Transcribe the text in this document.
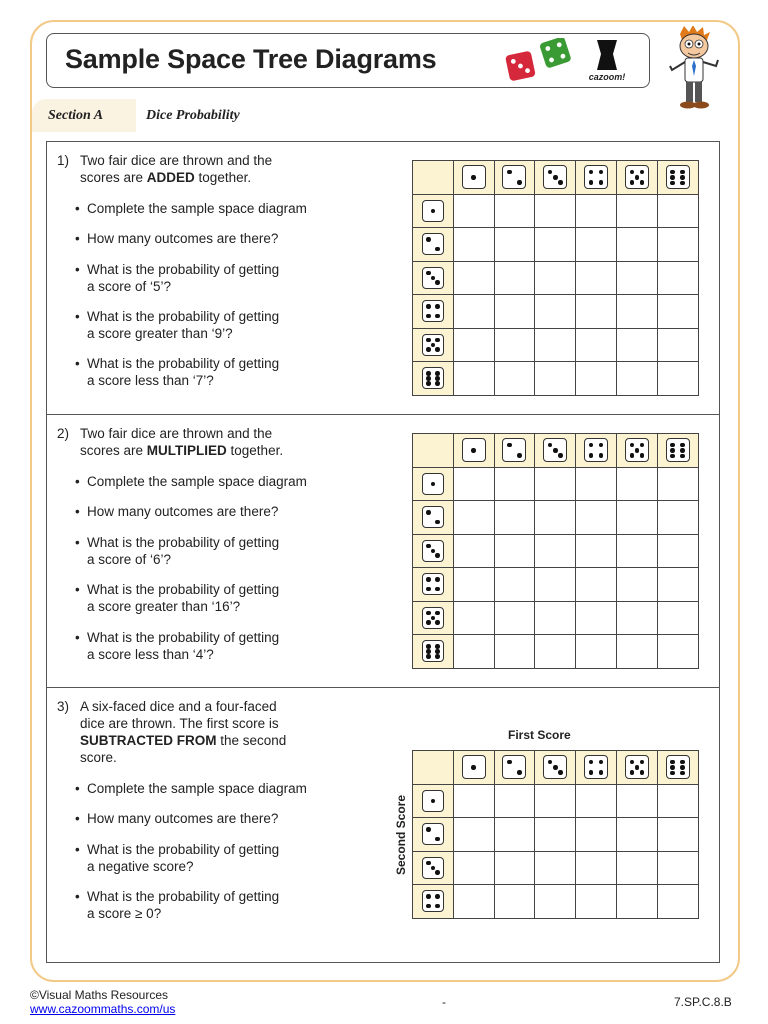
Sample Space Tree Diagrams
cazoom!
Section A	Dice Probability
1) Two fair dice are thrown and the
scores are ADDED together.
• Complete the sample space diagram
• How many outcomes are there?
• What is the probability of getting
a score of ‘5’?
• What is the probability of getting
a score greater than ‘9’?
• What is the probability of getting
a score less than ‘7’?

2) Two fair dice are thrown and the
scores are MULTIPLIED together.
• Complete the sample space diagram
• How many outcomes are there?
• What is the probability of getting
a score of ‘6’?
• What is the probability of getting
a score greater than ‘16’?
• What is the probability of getting
a score less than ‘4’?

3) A six-faced dice and a four-faced
dice are thrown. The first score is
SUBTRACTED FROM the second
score.
• Complete the sample space diagram
• How many outcomes are there?
• What is the probability of getting
a negative score?
• What is the probability of getting
a score ≥ 0?
First Score
Second Score

©Visual Maths Resources
www.cazoommaths.com/us	-	7.SP.C.8.B
